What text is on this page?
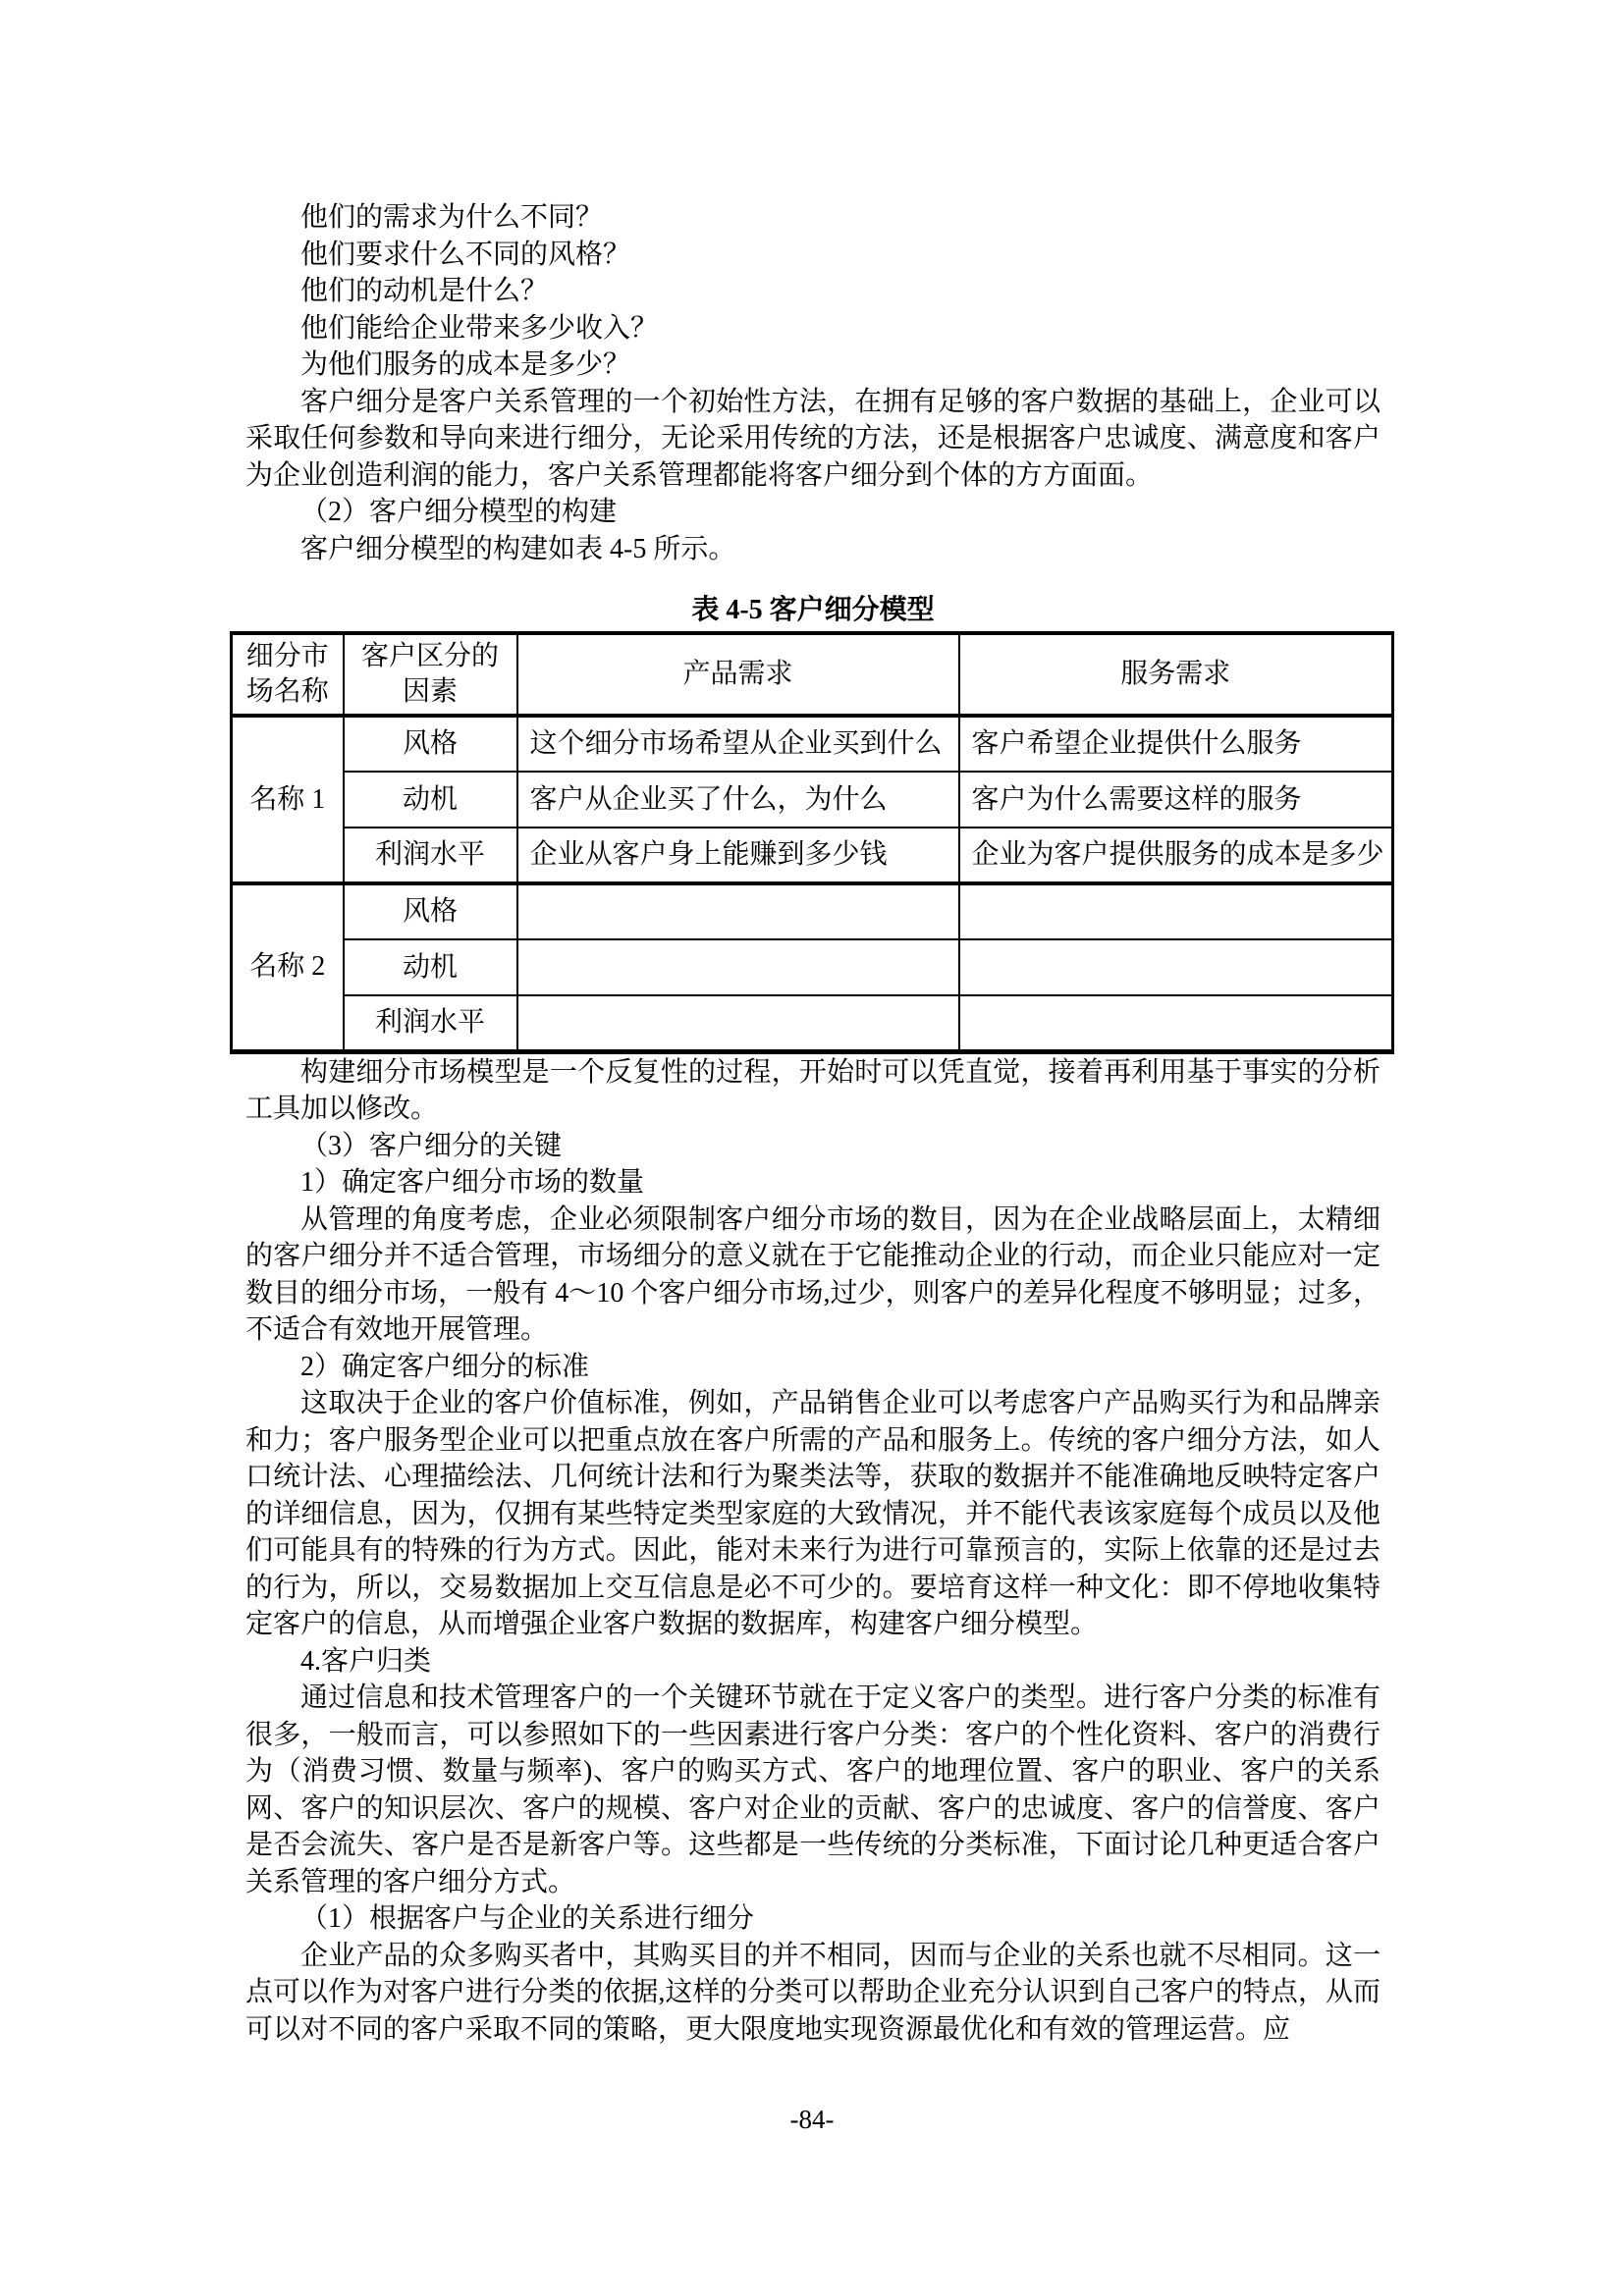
他们的需求为什么不同？

他们要求什么不同的风格？

他们的动机是什么？

他们能给企业带来多少收入？

为他们服务的成本是多少？

客户细分是客户关系管理的一个初始性方法，在拥有足够的客户数据的基础上，企业可以采取任何参数和导向来进行细分，无论采用传统的方法，还是根据客户忠诚度、满意度和客户为企业创造利润的能力，客户关系管理都能将客户细分到个体的方方面面。

（2）客户细分模型的构建

客户细分模型的构建如表 4-5 所示。

表 4-5 客户细分模型
细分市场名称	客户区分的因素	产品需求	服务需求
名称 1	风格	这个细分市场希望从企业买到什么	客户希望企业提供什么服务
	动机	客户从企业买了什么，为什么	客户为什么需要这样的服务
	利润水平	企业从客户身上能赚到多少钱	企业为客户提供服务的成本是多少
名称 2	风格		
	动机		
	利润水平		

构建细分市场模型是一个反复性的过程，开始时可以凭直觉，接着再利用基于事实的分析工具加以修改。

（3）客户细分的关键

1）确定客户细分市场的数量

从管理的角度考虑，企业必须限制客户细分市场的数目，因为在企业战略层面上，太精细的客户细分并不适合管理，市场细分的意义就在于它能推动企业的行动，而企业只能应对一定数目的细分市场，一般有 4～10 个客户细分市场,过少，则客户的差异化程度不够明显；过多，不适合有效地开展管理。

2）确定客户细分的标准

这取决于企业的客户价值标准，例如，产品销售企业可以考虑客户产品购买行为和品牌亲和力；客户服务型企业可以把重点放在客户所需的产品和服务上。传统的客户细分方法，如人口统计法、心理描绘法、几何统计法和行为聚类法等，获取的数据并不能准确地反映特定客户的详细信息，因为，仅拥有某些特定类型家庭的大致情况，并不能代表该家庭每个成员以及他们可能具有的特殊的行为方式。因此，能对未来行为进行可靠预言的，实际上依靠的还是过去的行为，所以，交易数据加上交互信息是必不可少的。要培育这样一种文化：即不停地收集特定客户的信息，从而增强企业客户数据的数据库，构建客户细分模型。

4.客户归类

通过信息和技术管理客户的一个关键环节就在于定义客户的类型。进行客户分类的标准有很多，一般而言，可以参照如下的一些因素进行客户分类：客户的个性化资料、客户的消费行为（消费习惯、数量与频率)、客户的购买方式、客户的地理位置、客户的职业、客户的关系网、客户的知识层次、客户的规模、客户对企业的贡献、客户的忠诚度、客户的信誉度、客户是否会流失、客户是否是新客户等。这些都是一些传统的分类标准，下面讨论几种更适合客户关系管理的客户细分方式。

（1）根据客户与企业的关系进行细分

企业产品的众多购买者中，其购买目的并不相同，因而与企业的关系也就不尽相同。这一点可以作为对客户进行分类的依据,这样的分类可以帮助企业充分认识到自己客户的特点，从而可以对不同的客户采取不同的策略，更大限度地实现资源最优化和有效的管理运营。应

-84-
